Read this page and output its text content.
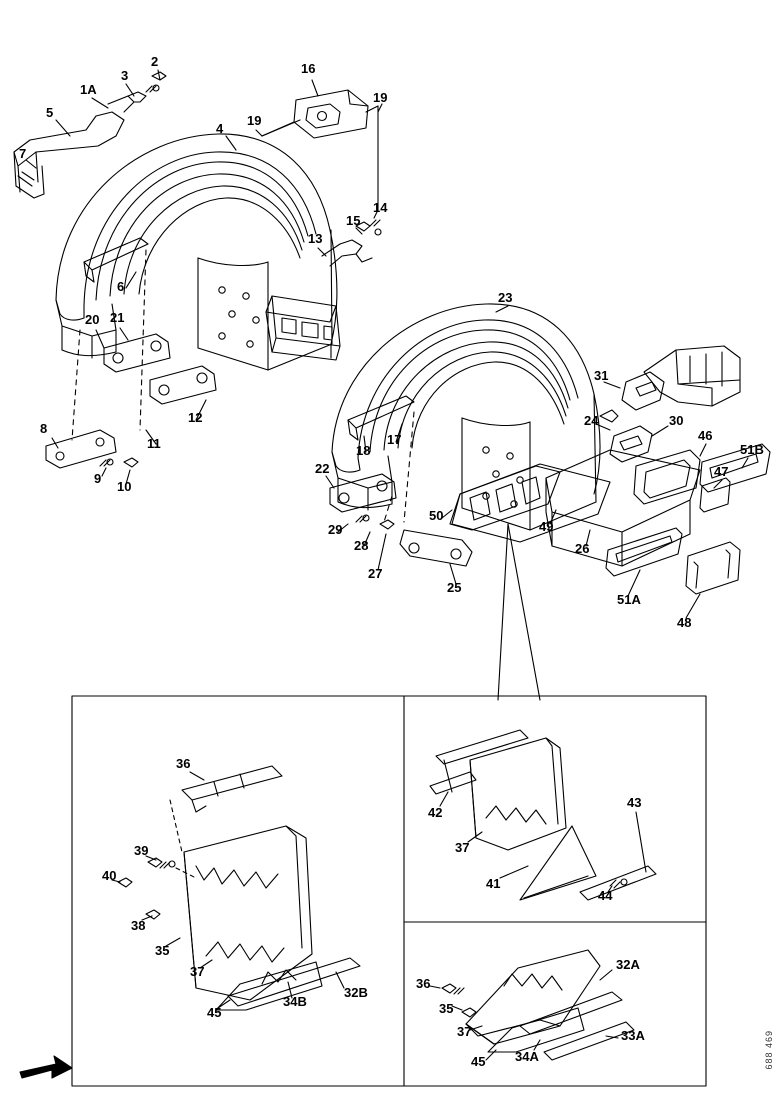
2
3
1A
16
19
5
4
19
7
14
15
13
6
23
20 21
31
12	24	30
17
18
46
51B
8
11
47
9
10
22
50
49
29
28	26
27
25
51A
48
36
39
40
38
35
37
32B
45
34B
42
43
37
41
44
36
32A
35
37	33A
45 34A	688 469
